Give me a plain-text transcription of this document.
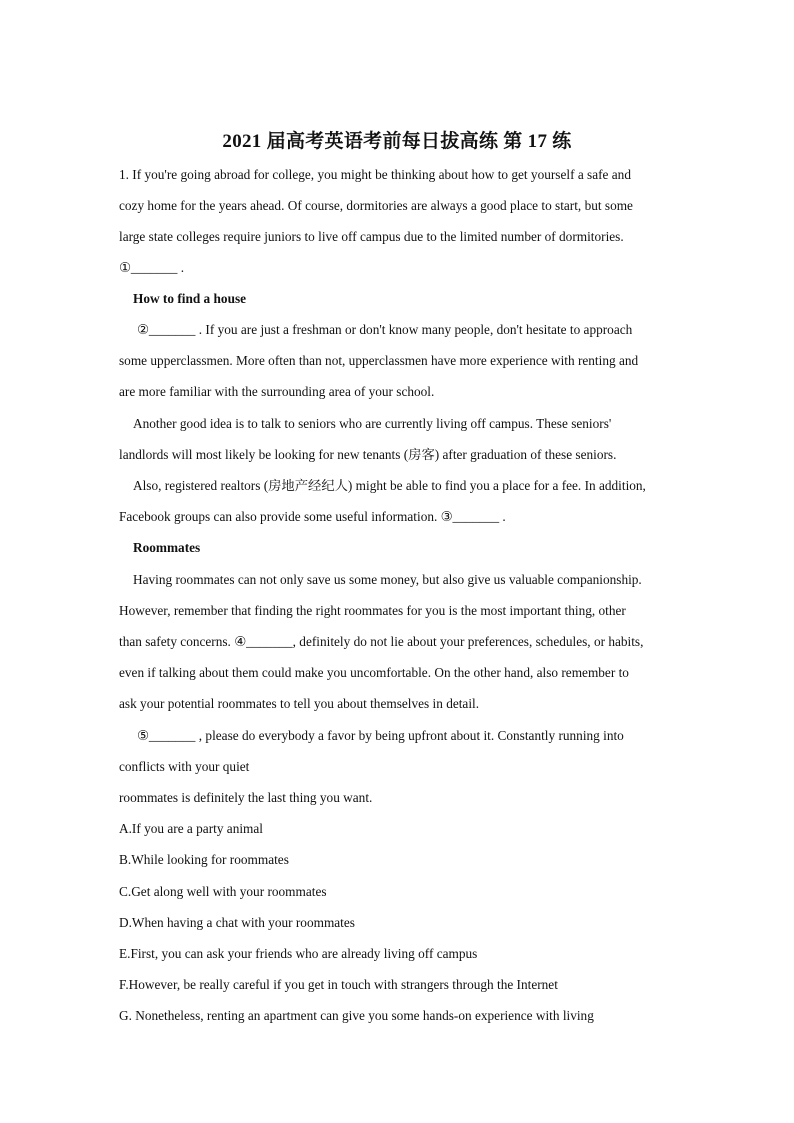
2021 届高考英语考前每日拔高练 第 17 练
1. If you're going abroad for college, you might be thinking about how to get yourself a safe and
cozy home for the years ahead. Of course, dormitories are always a good place to start, but some
large state colleges require juniors to live off campus due to the limited number of dormitories.
①_______ .
How to find a house
②_______ . If you are just a freshman or don't know many people, don't hesitate to approach
some upperclassmen. More often than not, upperclassmen have more experience with renting and
are more familiar with the surrounding area of your school.
Another good idea is to talk to seniors who are currently living off campus. These seniors'
landlords will most likely be looking for new tenants (房客) after graduation of these seniors.
Also, registered realtors (房地产经纪人) might be able to find you a place for a fee. In addition,
Facebook groups can also provide some useful information. ③_______ .
Roommates
Having roommates can not only save us some money, but also give us valuable companionship.
However, remember that finding the right roommates for you is the most important thing, other
than safety concerns. ④_______, definitely do not lie about your preferences, schedules, or habits,
even if talking about them could make you uncomfortable. On the other hand, also remember to
ask your potential roommates to tell you about themselves in detail.
⑤_______ , please do everybody a favor by being upfront about it. Constantly running into
conflicts with your quiet
roommates is definitely the last thing you want.
A.If you are a party animal
B.While looking for roommates
C.Get along well with your roommates
D.When having a chat with your roommates
E.First, you can ask your friends who are already living off campus
F.However, be really careful if you get in touch with strangers through the Internet
G. Nonetheless, renting an apartment can give you some hands-on experience with living
